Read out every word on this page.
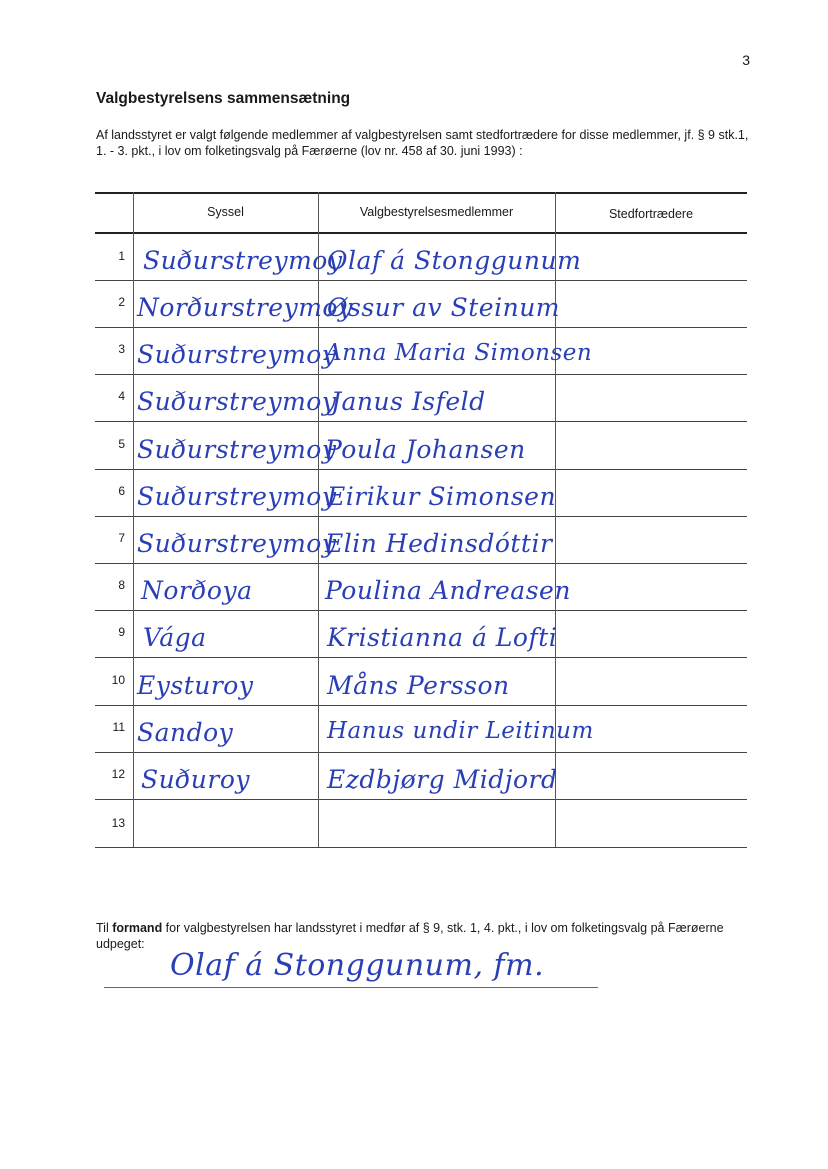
3
Valgbestyrelsens sammensætning

Af landsstyret er valgt følgende medlemmer af valgbestyrelsen samt stedfortrædere for disse medlemmer, jf. § 9 stk.1, 1. - 3. pkt., i lov om folketingsvalg på Færøerne (lov nr. 458 af 30. juni 1993) :

Syssel	Valgbestyrelsesmedlemmer	Stedfortrædere
1
2
3
4
5
6
7
8
9
10
11
12
13
Suðurstreymoy
Norðurstreymoy
Suðurstreymoy
Suðurstreymoy
Suðurstreymoy
Suðurstreymoy
Suðurstreymoy
Norðoya
Vága
Eysturoy
Sandoy
Suðuroy
Olaf á Stonggunum
Øssur av Steinum
Anna Maria Simonsen
Janus Isfeld
Poula Johansen
Eirikur Simonsen
Elin Hedinsdóttir
Poulina Andreasen
Kristianna á Lofti
Måns Persson
Hanus undir Leitinum
Ezdbjørg Midjord

Til formand for valgbestyrelsen har landsstyret i medfør af § 9, stk. 1, 4. pkt., i lov om folketingsvalg på Færøerne udpeget:

Olaf á Stonggunum, fm.
